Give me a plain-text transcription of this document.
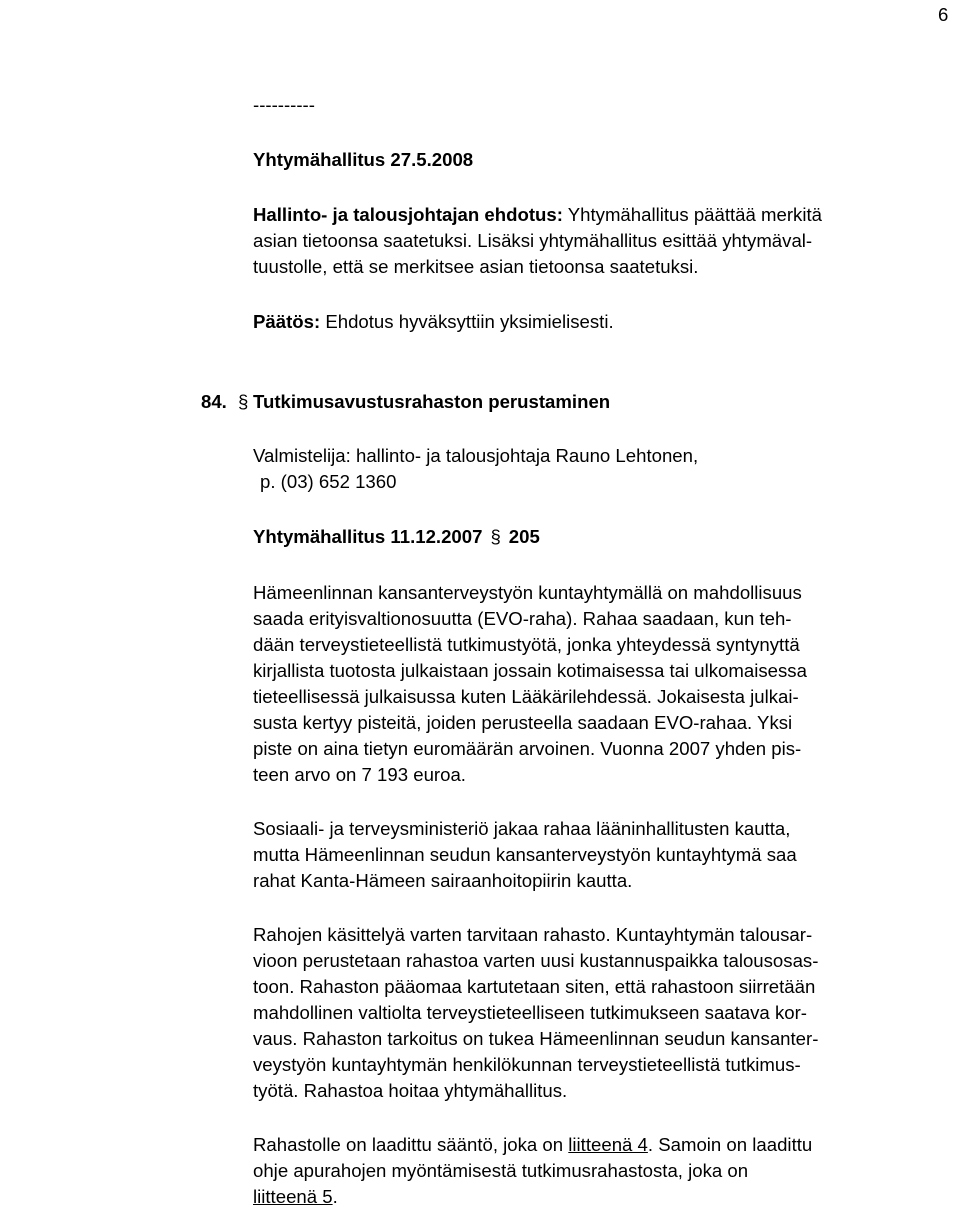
6
----------
Yhtymähallitus 27.5.2008
Hallinto- ja talousjohtajan ehdotus: Yhtymähallitus päättää merkitä
asian tietoonsa saatetuksi. Lisäksi yhtymähallitus esittää yhtymäval-
tuustolle, että se merkitsee asian tietoonsa saatetuksi.
Päätös: Ehdotus hyväksyttiin yksimielisesti.
84. § Tutkimusavustusrahaston perustaminen
Valmistelija: hallinto- ja talousjohtaja Rauno Lehtonen,
p. (03) 652 1360
Yhtymähallitus 11.12.2007 § 205
Hämeenlinnan kansanterveystyön kuntayhtymällä on mahdollisuus
saada erityisvaltionosuutta (EVO-raha). Rahaa saadaan, kun teh-
dään terveystieteellistä tutkimustyötä, jonka yhteydessä syntynyttä
kirjallista tuotosta julkaistaan jossain kotimaisessa tai ulkomaisessa
tieteellisessä julkaisussa kuten Lääkärilehdessä. Jokaisesta julkai-
susta kertyy pisteitä, joiden perusteella saadaan EVO-rahaa. Yksi
piste on aina tietyn euromäärän arvoinen. Vuonna 2007 yhden pis-
teen arvo on 7 193 euroa.
Sosiaali- ja terveysministeriö jakaa rahaa lääninhallitusten kautta,
mutta Hämeenlinnan seudun kansanterveystyön kuntayhtymä saa
rahat Kanta-Hämeen sairaanhoitopiirin kautta.
Rahojen käsittelyä varten tarvitaan rahasto. Kuntayhtymän talousar-
vioon perustetaan rahastoa varten uusi kustannuspaikka talousosas-
toon. Rahaston pääomaa kartutetaan siten, että rahastoon siirretään
mahdollinen valtiolta terveystieteelliseen tutkimukseen saatava kor-
vaus. Rahaston tarkoitus on tukea Hämeenlinnan seudun kansanter-
veystyön kuntayhtymän henkilökunnan terveystieteellistä tutkimus-
työtä. Rahastoa hoitaa yhtymähallitus.
Rahastolle on laadittu sääntö, joka on liitteenä 4. Samoin on laadittu
ohje apurahojen myöntämisestä tutkimusrahastosta, joka on
liitteenä 5.
